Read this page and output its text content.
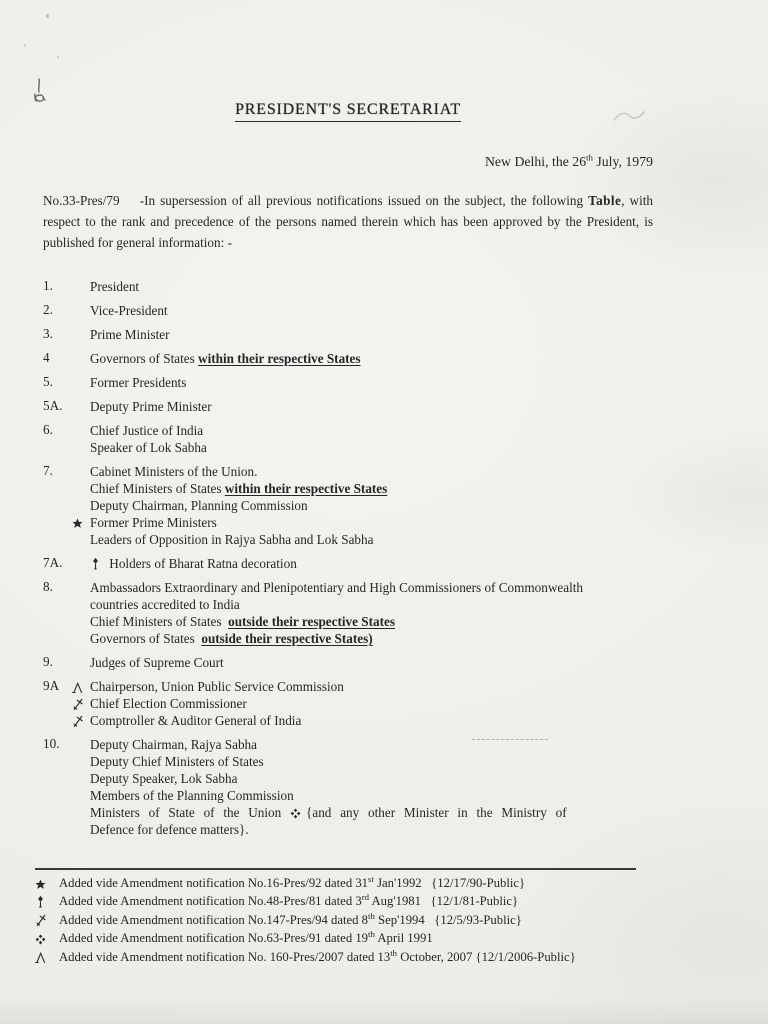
PRESIDENT'S SECRETARIAT
New Delhi, the 26th July, 1979

No.33-Pres/79    -In supersession of all previous notifications issued on the subject, the following Table, with respect to the rank and precedence of the persons named therein which has been approved by the President, is published for general information: -

1.	President
2.	Vice-President
3.	Prime Minister
4	Governors of States within their respective States
5.	Former Presidents
5A.	Deputy Prime Minister
6.	Chief Justice of India
Speaker of Lok Sabha
7.	Cabinet Ministers of the Union.
Chief Ministers of States within their respective States
Deputy Chairman, Planning Commission
Former Prime Ministers
Leaders of Opposition in Rajya Sabha and Lok Sabha
7A.	Holders of Bharat Ratna decoration
8.	Ambassadors Extraordinary and Plenipotentiary and High Commissioners of Commonwealth
countries accredited to India
Chief Ministers of States  outside their respective States
Governors of States  outside their respective States)
9.	Judges of Supreme Court
9A	Chairperson, Union Public Service Commission
Chief Election Commissioner
Comptroller & Auditor General of India
10.	Deputy Chairman, Rajya Sabha
Deputy Chief Ministers of States
Deputy Speaker, Lok Sabha
Members of the Planning Commission
Ministers of State of the Union {and any other Minister in the Ministry of
Defence for defence matters}.
Added vide Amendment notification No.16-Pres/92 dated 31st Jan'1992   {12/17/90-Public}
Added vide Amendment notification No.48-Pres/81 dated 3rd Aug'1981   {12/1/81-Public}
Added vide Amendment notification No.147-Pres/94 dated 8th Sep'1994   {12/5/93-Public}
Added vide Amendment notification No.63-Pres/91 dated 19th April 1991
Added vide Amendment notification No. 160-Pres/2007 dated 13th October, 2007 {12/1/2006-Public}
